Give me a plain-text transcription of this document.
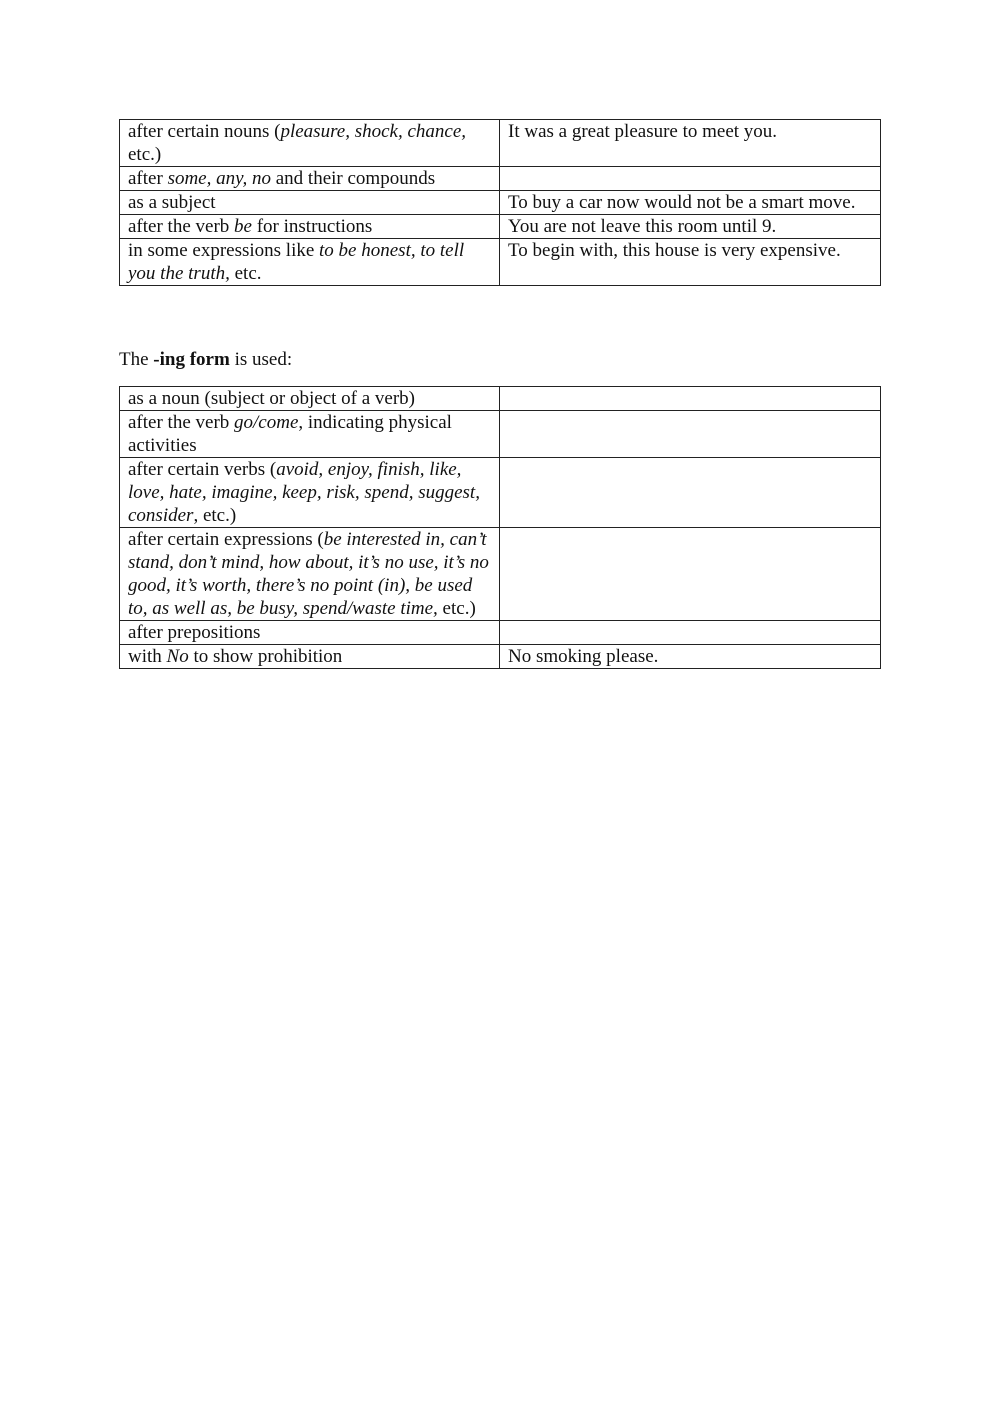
after certain nouns (pleasure, shock, chance, etc.)	It was a great pleasure to meet you.
after some, any, no and their compounds	
as a subject	To buy a car now would not be a smart move.
after the verb be for instructions	You are not leave this room until 9.
in some expressions like to be honest, to tell you the truth, etc.	To begin with, this house is very expensive.

The -ing form is used:

as a noun (subject or object of a verb)	
after the verb go/come, indicating physical activities	
after certain verbs (avoid, enjoy, finish, like, love, hate, imagine, keep, risk, spend, suggest, consider, etc.)	
after certain expressions (be interested in, can’t stand, don’t mind, how about, it’s no use, it’s no good, it’s worth, there’s no point (in), be used to, as well as, be busy, spend/waste time, etc.)	
after prepositions	
with No to show prohibition	No smoking please.
